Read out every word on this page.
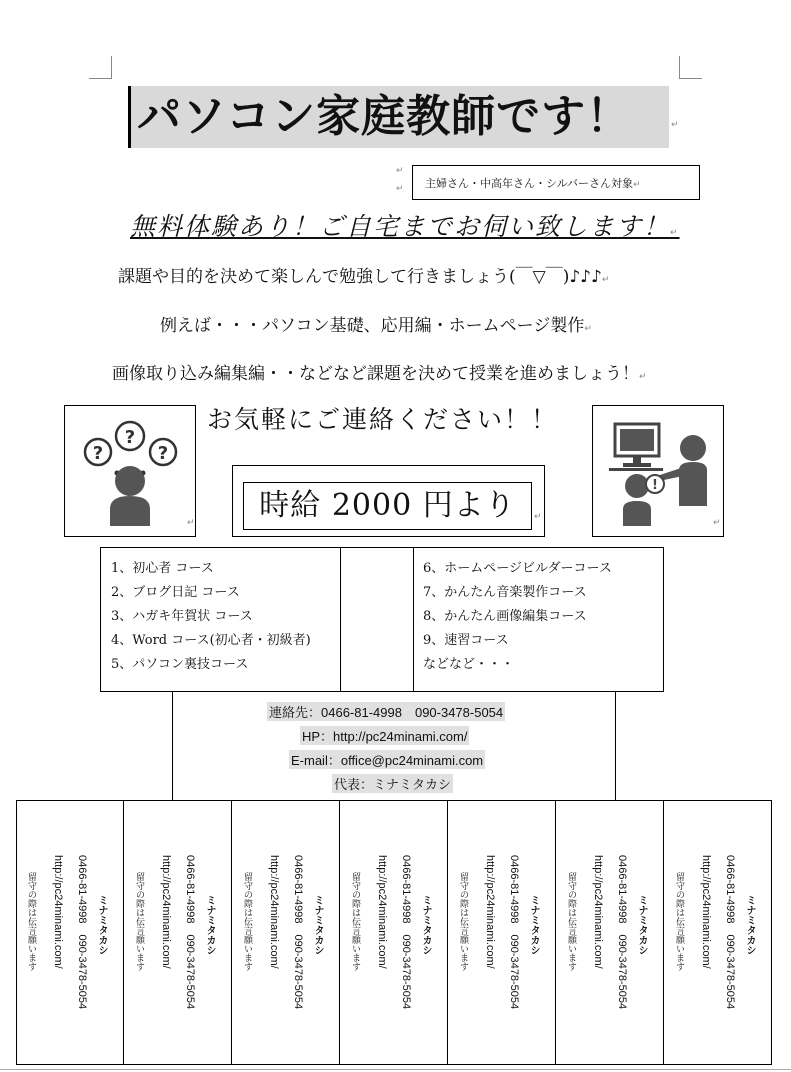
パソコン家庭教師です！	↵
↵
↵	主婦さん・中高年さん・シルバーさん対象↵
無料体験あり！ご自宅までお伺い致します！↵
課題や目的を決めて楽しんで勉強して行きましょう(￣▽￣)♪♪♪↵
例えば・・・パソコン基礎、応用編・ホームページ製作↵
画像取り込み編集編・・などなど課題を決めて授業を進めましょう！↵
?
?
?
↵
!
↵
お気軽にご連絡ください！！
時給 2000 円より	↵
1、初心者 コース
2、ブログ日記 コース
3、ハガキ年賀状 コース
4、Word コース(初心者・初級者)
5、パソコン裏技コース
6、ホームページビルダーコース
7、かんたん音楽製作コース
8、かんたん画像編集コース
9、速習コース
などなど・・・
連絡先：0466-81-4998　090-3478-5054
HP：http://pc24minami.com/
E-mail：office@pc24minami.com
代表：ミナミタカシ
ミナミタカシ
0466-81-4998　090-3478-5054
http://pc24minami.com/
留守の際は伝言願います	ミナミタカシ
0466-81-4998　090-3478-5054
http://pc24minami.com/
留守の際は伝言願います	ミナミタカシ
0466-81-4998　090-3478-5054
http://pc24minami.com/
留守の際は伝言願います	ミナミタカシ
0466-81-4998　090-3478-5054
http://pc24minami.com/
留守の際は伝言願います	ミナミタカシ
0466-81-4998　090-3478-5054
http://pc24minami.com/
留守の際は伝言願います	ミナミタカシ
0466-81-4998　090-3478-5054
http://pc24minami.com/
留守の際は伝言願います	ミナミタカシ
0466-81-4998　090-3478-5054
http://pc24minami.com/
留守の際は伝言願います
